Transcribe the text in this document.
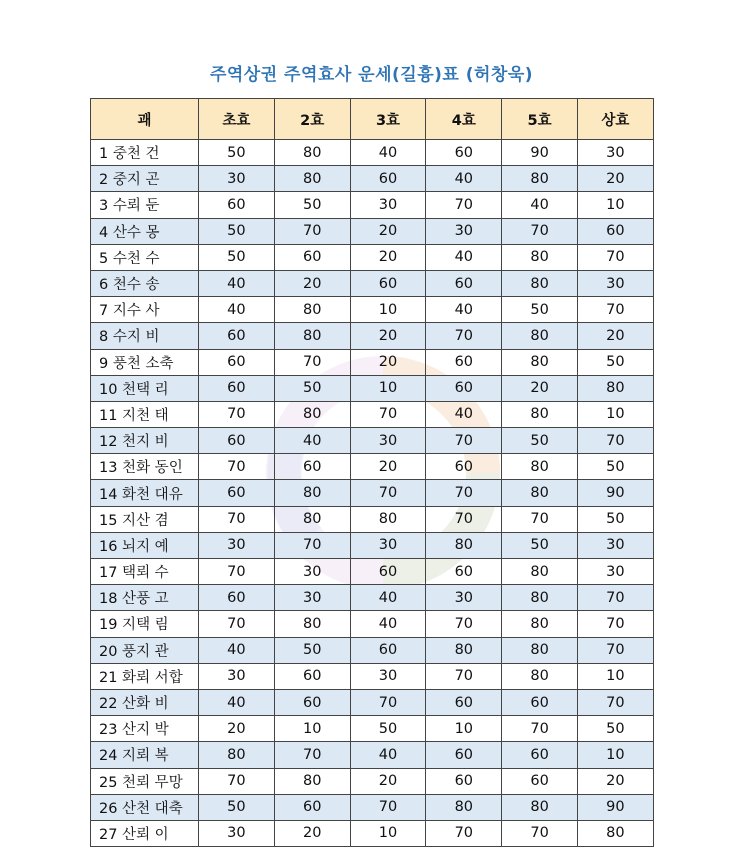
주역상권 주역효사 운세(길흉)표 (허창욱)
괘	초효	2효	3효	4효	5효	상효
1 중천 건	50	80	40	60	90	30
2 중지 곤	30	80	60	40	80	20
3 수뢰 둔	60	50	30	70	40	10
4 산수 몽	50	70	20	30	70	60
5 수천 수	50	60	20	40	80	70
6 천수 송	40	20	60	60	80	30
7 지수 사	40	80	10	40	50	70
8 수지 비	60	80	20	70	80	20
9 풍천 소축	60	70	20	60	80	50
10 천택 리	60	50	10	60	20	80
11 지천 태	70	80	70	40	80	10
12 천지 비	60	40	30	70	50	70
13 천화 동인	70	60	20	60	80	50
14 화천 대유	60	80	70	70	80	90
15 지산 겸	70	80	80	70	70	50
16 뇌지 예	30	70	30	80	50	30
17 택뢰 수	70	30	60	60	80	30
18 산풍 고	60	30	40	30	80	70
19 지택 림	70	80	40	70	80	70
20 풍지 관	40	50	60	80	80	70
21 화뢰 서합	30	60	30	70	80	10
22 산화 비	40	60	70	60	60	70
23 산지 박	20	10	50	10	70	50
24 지뢰 복	80	70	40	60	60	10
25 천뢰 무망	70	80	20	60	60	20
26 산천 대축	50	60	70	80	80	90
27 산뢰 이	30	20	10	70	70	80
